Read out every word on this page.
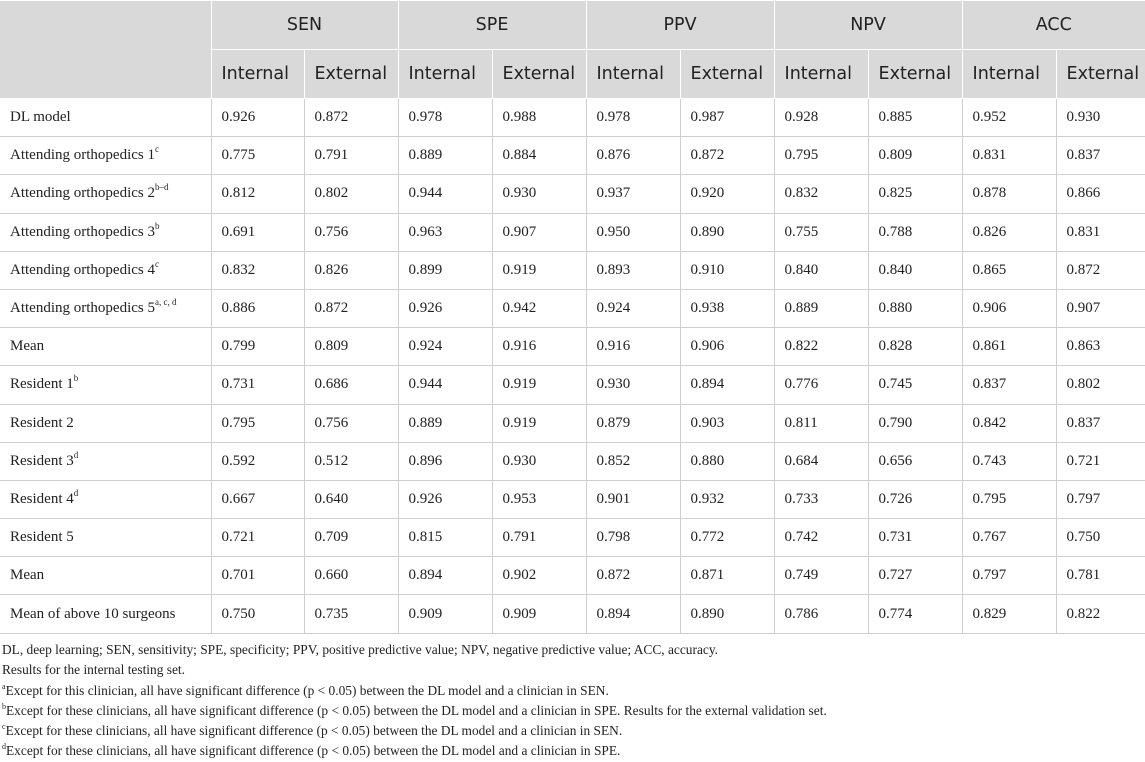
	SEN		SPE		PPV		NPV		ACC	
	Internal	External	Internal	External	Internal	External	Internal	External	Internal	External
DL model	0.926	0.872	0.978	0.988	0.978	0.987	0.928	0.885	0.952	0.930
Attending orthopedics 1$^c$	0.775	0.791	0.889	0.884	0.876	0.872	0.795	0.809	0.831	0.837
Attending orthopedics 2$^{b-d}$	0.812	0.802	0.944	0.930	0.937	0.920	0.832	0.825	0.878	0.866
Attending orthopedics 3$^b$	0.691	0.756	0.963	0.907	0.950	0.890	0.755	0.788	0.826	0.831
Attending orthopedics 4$^c$	0.832	0.826	0.899	0.919	0.893	0.910	0.840	0.840	0.865	0.872
Attending orthopedics 5$^{a, c, d}$	0.886	0.872	0.926	0.942	0.924	0.938	0.889	0.880	0.906	0.907
Mean	0.799	0.809	0.924	0.916	0.916	0.906	0.822	0.828	0.861	0.863
Resident 1$^b$	0.731	0.686	0.944	0.919	0.930	0.894	0.776	0.745	0.837	0.802
Resident 2	0.795	0.756	0.889	0.919	0.879	0.903	0.811	0.790	0.842	0.837
Resident 3$^d$	0.592	0.512	0.896	0.930	0.852	0.880	0.684	0.656	0.743	0.721
Resident 4$^d$	0.667	0.640	0.926	0.953	0.901	0.932	0.733	0.726	0.795	0.797
Resident 5	0.721	0.709	0.815	0.791	0.798	0.772	0.742	0.731	0.767	0.750
Mean	0.701	0.660	0.894	0.902	0.872	0.871	0.749	0.727	0.797	0.781
Mean of above 10 surgeons	0.750	0.735	0.909	0.909	0.894	0.890	0.786	0.774	0.829	0.822

DL, deep learning; SEN, sensitivity; SPE, specificity; PPV, positive predictive value; NPV, negative predictive value; ACC, accuracy.

Results for the internal testing set.

$^a$Except for this clinician, all have significant difference (p < 0.05) between the DL model and a clinician in SEN.

$^b$Except for these clinicians, all have significant difference (p < 0.05) between the DL model and a clinician in SPE. Results for the external validation set.

$^c$Except for these clinicians, all have significant difference (p < 0.05) between the DL model and a clinician in SEN.

$^d$Except for these clinicians, all have significant difference (p < 0.05) between the DL model and a clinician in SPE.
